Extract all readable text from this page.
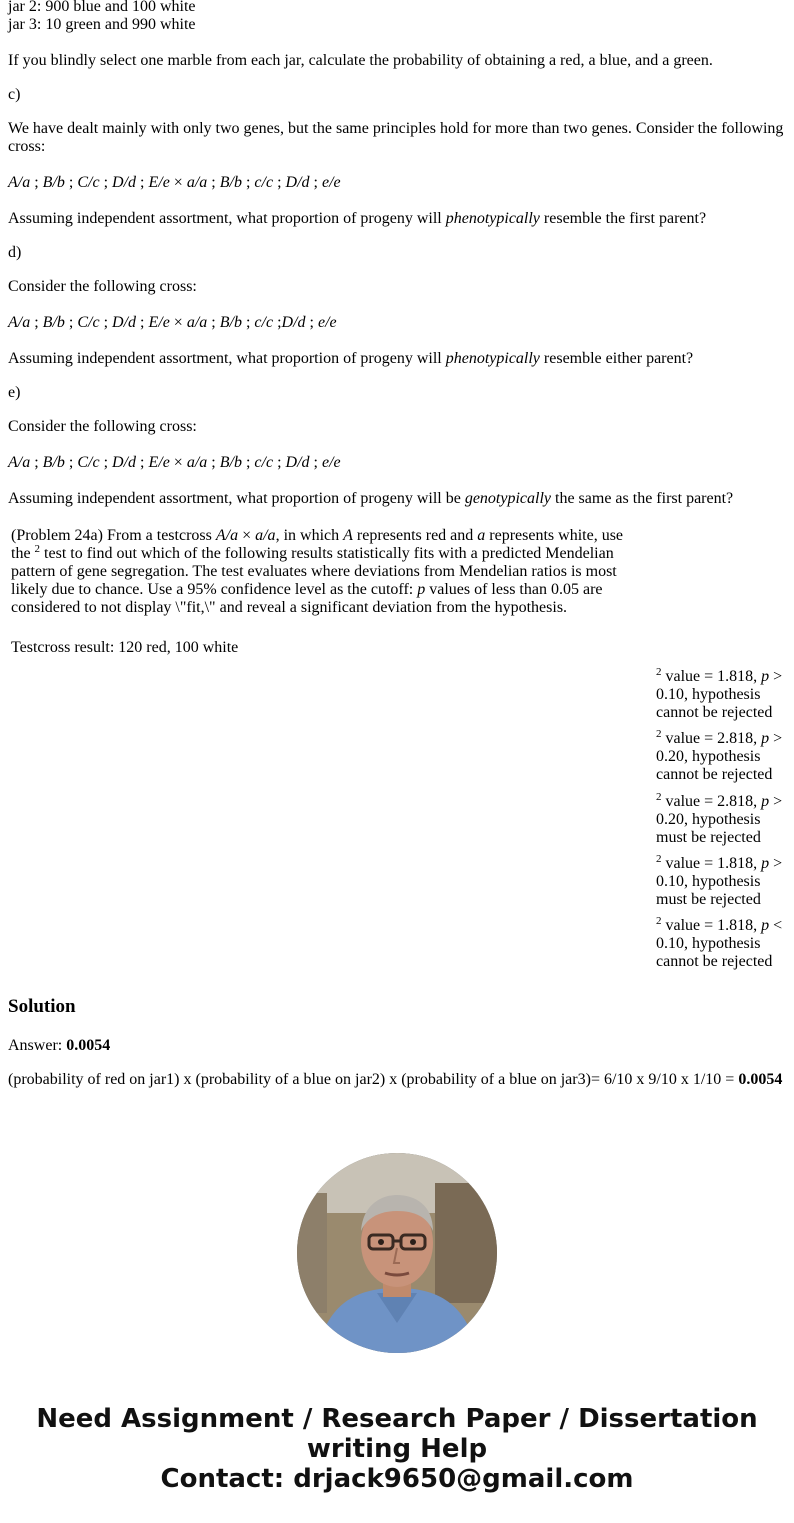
jar 2: 900 blue and 100 white

jar 3: 10 green and 990 white

If you blindly select one marble from each jar, calculate the probability of obtaining a red, a blue, and a green.

c)

We have dealt mainly with only two genes, but the same principles hold for more than two genes. Consider the following cross:

A/a ; B/b ; C/c ; D/d ; E/e × a/a ; B/b ; c/c ; D/d ; e/e

Assuming independent assortment, what proportion of progeny will phenotypically resemble the first parent?

d)

Consider the following cross:

A/a ; B/b ; C/c ; D/d ; E/e × a/a ; B/b ; c/c ;D/d ; e/e

Assuming independent assortment, what proportion of progeny will phenotypically resemble either parent?

e)

Consider the following cross:

A/a ; B/b ; C/c ; D/d ; E/e × a/a ; B/b ; c/c ; D/d ; e/e

Assuming independent assortment, what proportion of progeny will be genotypically the same as the first parent?

(Problem 24a) From a testcross A/a × a/a, in which A represents red and a represents white, use the $^2$ test to find out which of the following results statistically fits with a predicted Mendelian pattern of gene segregation. The test evaluates where deviations from Mendelian ratios is most likely due to chance. Use a 95% confidence level as the cutoff: p values of less than 0.05 are considered to not display \"fit,\" and reveal a significant deviation from the hypothesis.

Testcross result: 120 red, 100 white

$^2$ value = 1.818, p > 0.10, hypothesis cannot be rejected

$^2$ value = 2.818, p > 0.20, hypothesis cannot be rejected

$^2$ value = 2.818, p > 0.20, hypothesis must be rejected

$^2$ value = 1.818, p > 0.10, hypothesis must be rejected

$^2$ value = 1.818, p < 0.10, hypothesis cannot be rejected

Solution

Answer: 0.0054

(probability of red on jar1) x (probability of a blue on jar2) x (probability of a blue on jar3)= 6/10 x 9/10 x 1/10 = 0.0054

Need Assignment / Research Paper / Dissertation
writing Help
Contact: drjack9650@gmail.com
